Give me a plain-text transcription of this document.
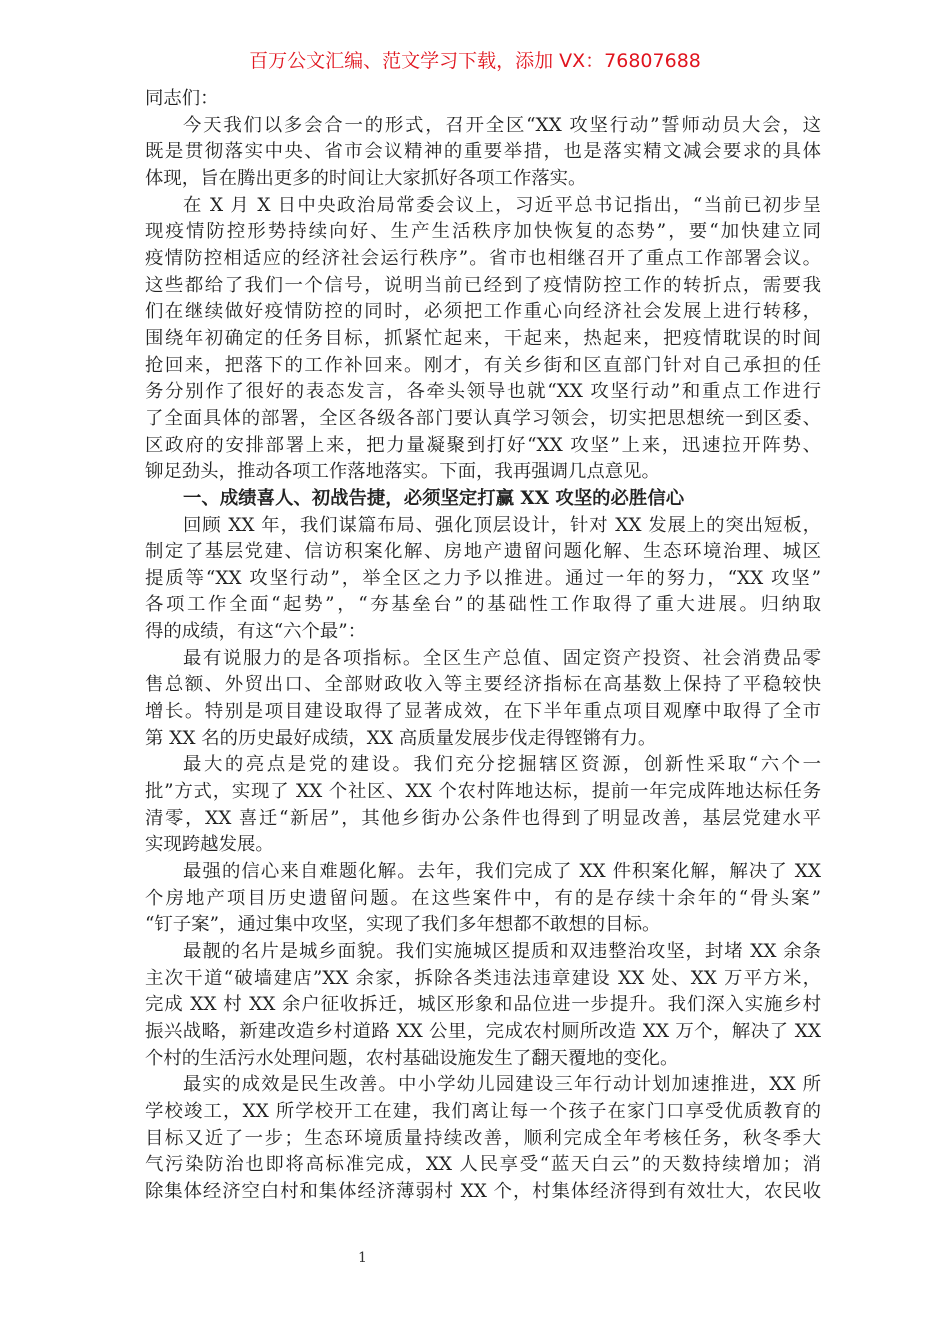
百万公文汇编、范文学习下载，添加 VX：76807688
同志们：
今天我们以多会合一的形式，召开全区“XX 攻坚行动”誓师动员大会，这
既是贯彻落实中央、省市会议精神的重要举措，也是落实精文减会要求的具体
体现，旨在腾出更多的时间让大家抓好各项工作落实。
在 X 月 X 日中央政治局常委会议上，习近平总书记指出，“当前已初步呈
现疫情防控形势持续向好、生产生活秩序加快恢复的态势”，要“加快建立同
疫情防控相适应的经济社会运行秩序”。省市也相继召开了重点工作部署会议。
这些都给了我们一个信号，说明当前已经到了疫情防控工作的转折点，需要我
们在继续做好疫情防控的同时，必须把工作重心向经济社会发展上进行转移，
围绕年初确定的任务目标，抓紧忙起来，干起来，热起来，把疫情耽误的时间
抢回来，把落下的工作补回来。刚才，有关乡街和区直部门针对自己承担的任
务分别作了很好的表态发言，各牵头领导也就“XX 攻坚行动”和重点工作进行
了全面具体的部署，全区各级各部门要认真学习领会，切实把思想统一到区委、
区政府的安排部署上来，把力量凝聚到打好“XX 攻坚”上来，迅速拉开阵势、
铆足劲头，推动各项工作落地落实。下面，我再强调几点意见。
一、成绩喜人、初战告捷，必须坚定打赢 XX 攻坚的必胜信心
回顾 XX 年，我们谋篇布局、强化顶层设计，针对 XX 发展上的突出短板，
制定了基层党建、信访积案化解、房地产遗留问题化解、生态环境治理、城区
提质等“XX 攻坚行动”，举全区之力予以推进。通过一年的努力，“XX 攻坚”
各项工作全面“起势”，“夯基垒台”的基础性工作取得了重大进展。归纳取
得的成绩，有这“六个最”：
最有说服力的是各项指标。全区生产总值、固定资产投资、社会消费品零
售总额、外贸出口、全部财政收入等主要经济指标在高基数上保持了平稳较快
增长。特别是项目建设取得了显著成效，在下半年重点项目观摩中取得了全市
第 XX 名的历史最好成绩，XX 高质量发展步伐走得铿锵有力。
最大的亮点是党的建设。我们充分挖掘辖区资源，创新性采取“六个一
批”方式，实现了 XX 个社区、XX 个农村阵地达标，提前一年完成阵地达标任务
清零，XX 喜迁“新居”，其他乡街办公条件也得到了明显改善，基层党建水平
实现跨越发展。
最强的信心来自难题化解。去年，我们完成了 XX 件积案化解，解决了 XX
个房地产项目历史遗留问题。在这些案件中，有的是存续十余年的“骨头案”
“钉子案”，通过集中攻坚，实现了我们多年想都不敢想的目标。
最靓的名片是城乡面貌。我们实施城区提质和双违整治攻坚，封堵 XX 余条
主次干道“破墙建店”XX 余家，拆除各类违法违章建设 XX 处、XX 万平方米，
完成 XX 村 XX 余户征收拆迁，城区形象和品位进一步提升。我们深入实施乡村
振兴战略，新建改造乡村道路 XX 公里，完成农村厕所改造 XX 万个，解决了 XX
个村的生活污水处理问题，农村基础设施发生了翻天覆地的变化。
最实的成效是民生改善。中小学幼儿园建设三年行动计划加速推进，XX 所
学校竣工，XX 所学校开工在建，我们离让每一个孩子在家门口享受优质教育的
目标又近了一步；生态环境质量持续改善，顺利完成全年考核任务，秋冬季大
气污染防治也即将高标准完成，XX 人民享受“蓝天白云”的天数持续增加；消
除集体经济空白村和集体经济薄弱村 XX 个，村集体经济得到有效壮大，农民收
1
